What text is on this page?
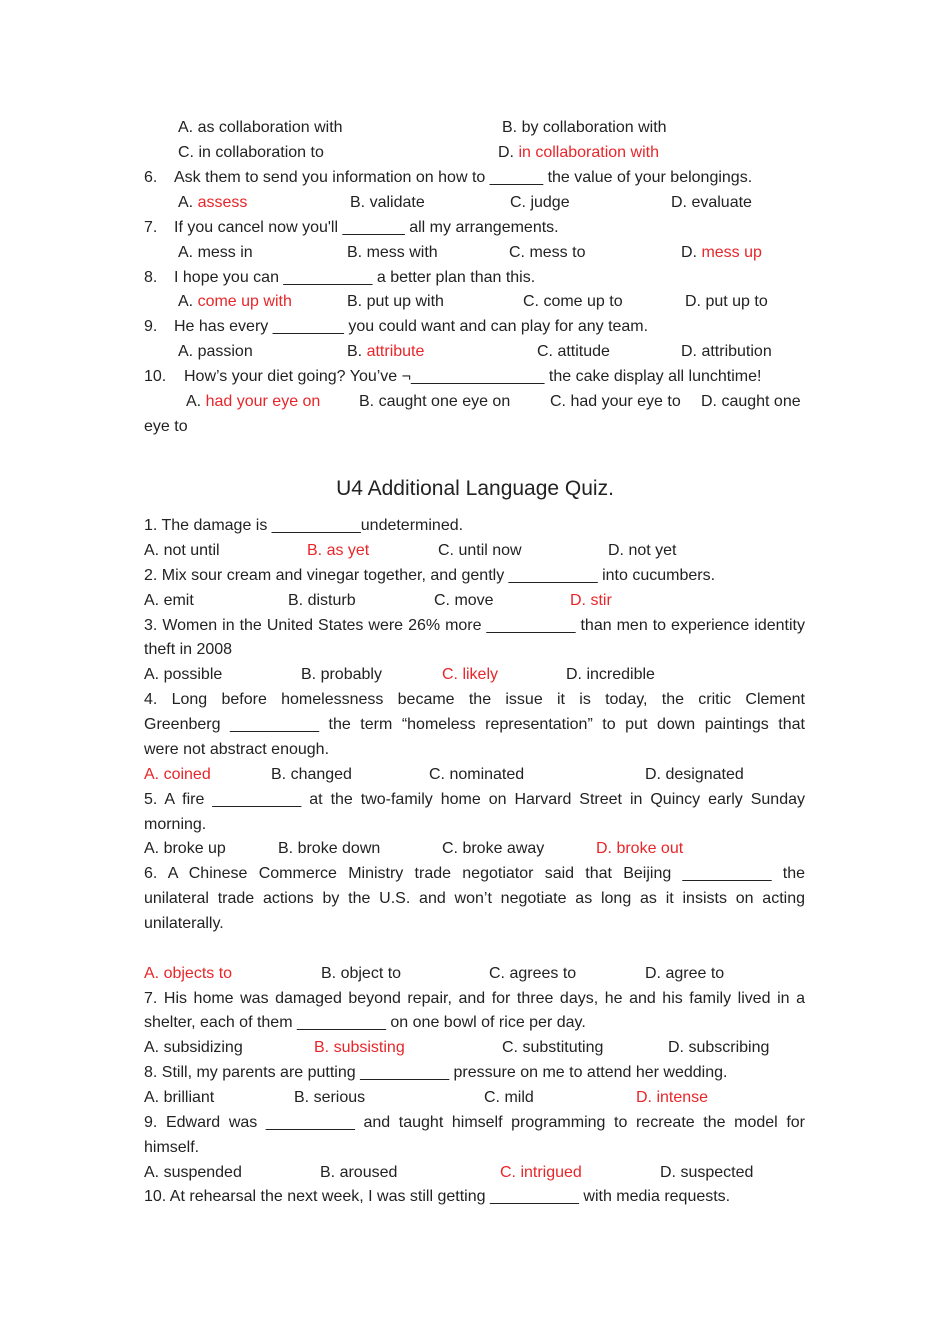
A. as collaboration with	B. by collaboration with
C. in collaboration to	D. in collaboration with
6. Ask them to send you information on how to ______ the value of your belongings.
A. assess	B. validate	C. judge	D. evaluate
7. If you cancel now you'll _______ all my arrangements.
A. mess in	B. mess with	C. mess to	D. mess up
8. I hope you can __________ a better plan than this.
A. come up with	B. put up with	C. come up to	D. put up to
9. He has every ________ you could want and can play for any team.
A. passion	B. attribute	C. attitude	D. attribution
10. How’s your diet going? You’ve ¬_______________ the cake display all lunchtime!
A. had your eye on B. caught one eye on C. had your eye to D. caught one
eye to
U4 Additional Language Quiz.
1. The damage is __________undetermined.
A. not until	B. as yet	C. until now	D. not yet
2. Mix sour cream and vinegar together, and gently __________ into cucumbers.
A. emit	B. disturb	C. move	D. stir
3. Women in the United States were 26% more __________ than men to experience identity
theft in 2008
A. possible	B. probably	C. likely	D. incredible
4. Long before homelessness became the issue it is today, the critic Clement
Greenberg __________ the term “homeless representation” to put down paintings that
were not abstract enough.
A. coined	B. changed	C. nominated	D. designated
5. A fire __________ at the two-family home on Harvard Street in Quincy early Sunday
morning.
A. broke up	B. broke down	C. broke away	D. broke out
6. A Chinese Commerce Ministry trade negotiator said that Beijing __________ the
unilateral trade actions by the U.S. and won’t negotiate as long as it insists on acting
unilaterally.
A. objects to	B. object to	C. agrees to	D. agree to
7. His home was damaged beyond repair, and for three days, he and his family lived in a
shelter, each of them __________ on one bowl of rice per day.
A. subsidizing	B. subsisting	C. substituting	D. subscribing
8. Still, my parents are putting __________ pressure on me to attend her wedding.
A. brilliant	B. serious	C. mild	D. intense
9. Edward was __________ and taught himself programming to recreate the model for
himself.
A. suspended	B. aroused	C. intrigued	D. suspected
10. At rehearsal the next week, I was still getting __________ with media requests.
